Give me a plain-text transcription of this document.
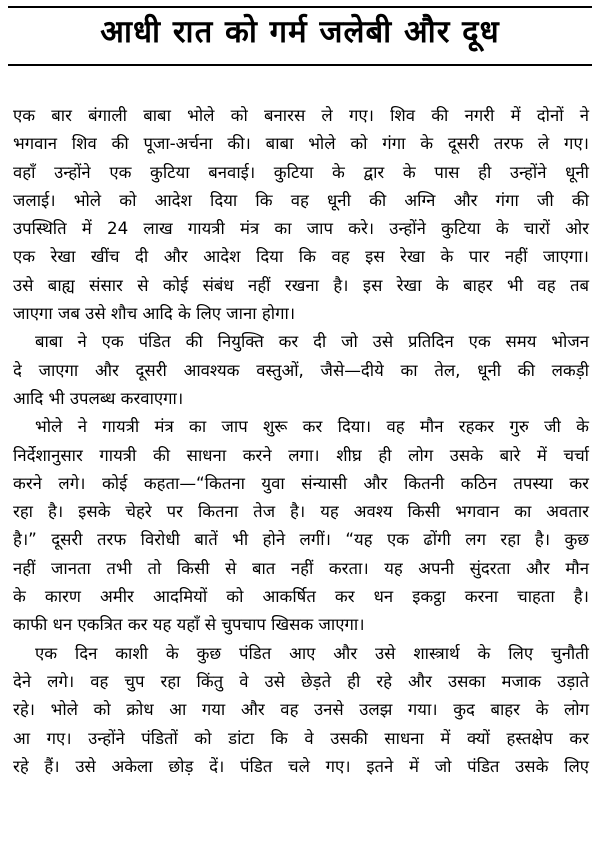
आधी रात को गर्म जलेबी और दूध
एक बार बंगाली बाबा भोले को बनारस ले गए। शिव की नगरी में दोनों ने
भगवान शिव की पूजा-अर्चना की। बाबा भोले को गंगा के दूसरी तरफ ले गए।
वहाँ उन्होंने एक कुटिया बनवाई। कुटिया के द्वार के पास ही उन्होंने धूनी
जलाई। भोले को आदेश दिया कि वह धूनी की अग्नि और गंगा जी की
उपस्थिति में 24 लाख गायत्री मंत्र का जाप करे। उन्होंने कुटिया के चारों ओर
एक रेखा खींच दी और आदेश दिया कि वह इस रेखा के पार नहीं जाएगा।
उसे बाह्य संसार से कोई संबंध नहीं रखना है। इस रेखा के बाहर भी वह तब
जाएगा जब उसे शौच आदि के लिए जाना होगा।
बाबा ने एक पंडित की नियुक्ति कर दी जो उसे प्रतिदिन एक समय भोजन
दे जाएगा और दूसरी आवश्यक वस्तुओं, जैसे—दीये का तेल, धूनी की लकड़ी
आदि भी उपलब्ध करवाएगा।
भोले ने गायत्री मंत्र का जाप शुरू कर दिया। वह मौन रहकर गुरु जी के
निर्देशानुसार गायत्री की साधना करने लगा। शीघ्र ही लोग उसके बारे में चर्चा
करने लगे। कोई कहता—“कितना युवा संन्यासी और कितनी कठिन तपस्या कर
रहा है। इसके चेहरे पर कितना तेज है। यह अवश्य किसी भगवान का अवतार
है।” दूसरी तरफ विरोधी बातें भी होने लगीं। “यह एक ढोंगी लग रहा है। कुछ
नहीं जानता तभी तो किसी से बात नहीं करता। यह अपनी सुंदरता और मौन
के कारण अमीर आदमियों को आकर्षित कर धन इकट्ठा करना चाहता है।
काफी धन एकत्रित कर यह यहाँ से चुपचाप खिसक जाएगा।
एक दिन काशी के कुछ पंडित आए और उसे शास्त्रार्थ के लिए चुनौती
देने लगे। वह चुप रहा किंतु वे उसे छेड़ते ही रहे और उसका मजाक उड़ाते
रहे। भोले को क्रोध आ गया और वह उनसे उलझ गया। कुद बाहर के लोग
आ गए। उन्होंने पंडितों को डांटा कि वे उसकी साधना में क्यों हस्तक्षेप कर
रहे हैं। उसे अकेला छोड़ दें। पंडित चले गए। इतने में जो पंडित उसके लिए
